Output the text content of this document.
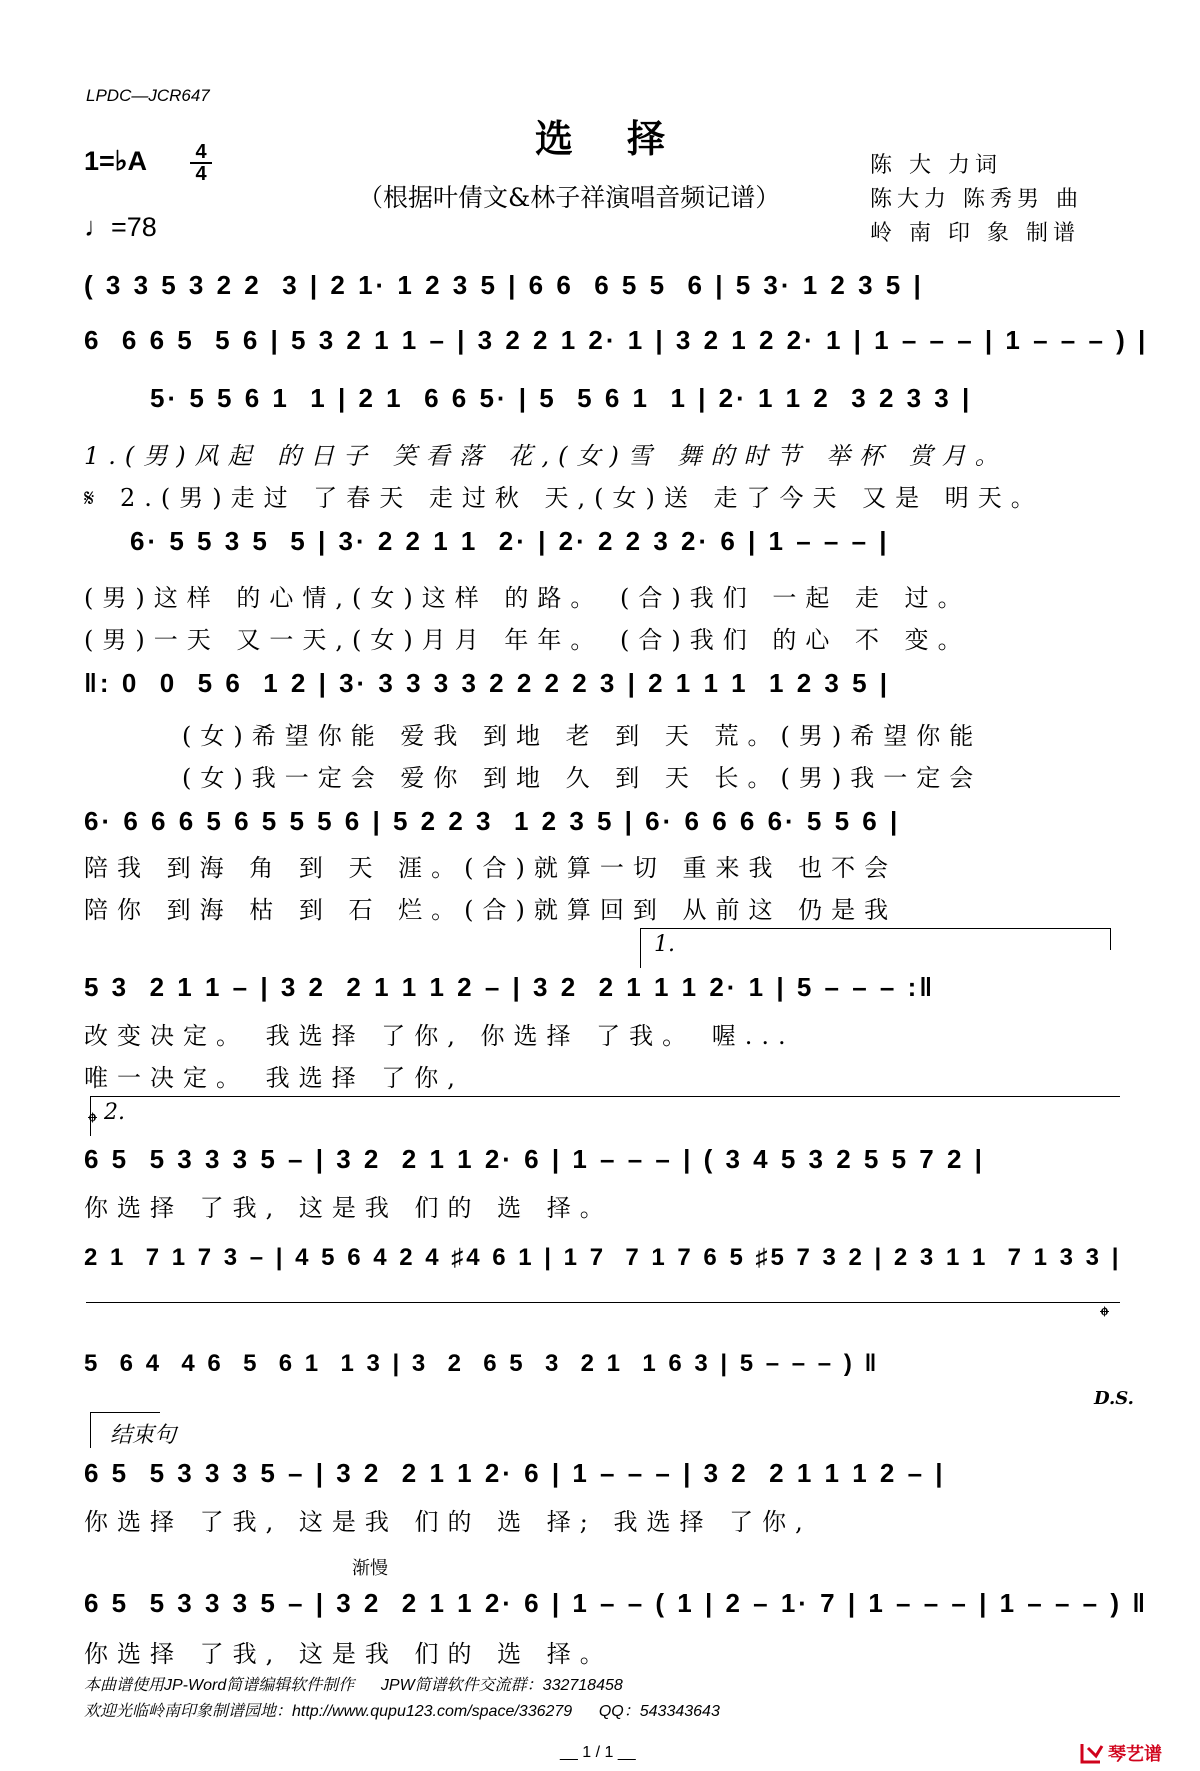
LPDC—JCR647
选择
1=♭A 4
4
（根据叶倩文&林子祥演唱音频记谱）
♩=78
陈 大 力词
陈大力 陈秀男 曲
岭 南 印 象 制谱
( 3 3 5 3 2 2  3 | 2 1· 1 2 3 5 | 6 6  6 5 5  6 | 5 3· 1 2 3 5 |
6  6 6 5  5 6 | 5 3 2 1 1 – | 3 2 2 1 2· 1 | 3 2 1 2 2· 1 | 1 – – – | 1 – – – ) |
5· 5 5 6 1  1 | 2 1  6 6 5· | 5  5 6 1  1 | 2· 1 1 2  3 2 3 3 |
1.(男)风起 的日子 笑看落 花,(女)雪 舞的时节 举杯 赏月。
𝄋 2.(男)走过 了春天 走过秋 天,(女)送 走了今天 又是 明天。
6· 5 5 3 5  5 | 3· 2 2 1 1  2· | 2· 2 2 3 2· 6 | 1 – – – |
(男)这样 的心情,(女)这样 的路。 (合)我们 一起 走 过。
(男)一天 又一天,(女)月月 年年。 (合)我们 的心 不 变。
‖: 0  0  5 6  1 2 | 3· 3 3 3 3 2 2 2 2 3 | 2 1 1 1  1 2 3 5 |
(女)希望你能 爱我 到地 老 到 天 荒。(男)希望你能
(女)我一定会 爱你 到地 久 到 天 长。(男)我一定会
6· 6 6 6 5 6 5 5 5 6 | 5 2 2 3  1 2 3 5 | 6· 6 6 6 6· 5 5 6 |
陪我 到海 角 到 天 涯。(合)就算一切 重来我 也不会
陪你 到海 枯 到 石 烂。(合)就算回到 从前这 仍是我
1.
5 3  2 1 1 – | 3 2  2 1 1 1 2 – | 3 2  2 1 1 1 2· 1 | 5 – – – :‖
改变决定。 我选择 了你, 你选择 了我。 喔...
唯一决定。 我选择 了你,
2.
𝄌
6 5  5 3 3 3 5 – | 3 2  2 1 1 2· 6 | 1 – – – | ( 3 4 5 3 2 5 5 7 2 |
你选择 了我, 这是我 们的 选 择。
2 1  7 1 7 3 – | 4 5 6 4 2 4 ♯4 6 1 | 1 7  7 1 7 6 5 ♯5 7 3 2 | 2 3 1 1  7 1 3 3 |
𝄌
5  6 4  4 6  5  6 1  1 3 | 3  2  6 5  3  2 1  1 6 3 | 5 – – – ) ‖
D.S.
结束句
6 5  5 3 3 3 5 – | 3 2  2 1 1 2· 6 | 1 – – – | 3 2  2 1 1 1 2 – |
你选择 了我, 这是我 们的 选 择; 我选择 了你,
渐慢
6 5  5 3 3 3 5 – | 3 2  2 1 1 2· 6 | 1 – – ( 1 | 2 – 1· 7 | 1 – – – | 1 – – – ) ‖
你选择 了我, 这是我 们的 选 择。
本曲谱使用JP-Word简谱编辑软件制作      JPW简谱软件交流群：332718458
欢迎光临岭南印象制谱园地：http://www.qupu123.com/space/336279      QQ：543343643
__ 1 / 1 __	琴艺谱
